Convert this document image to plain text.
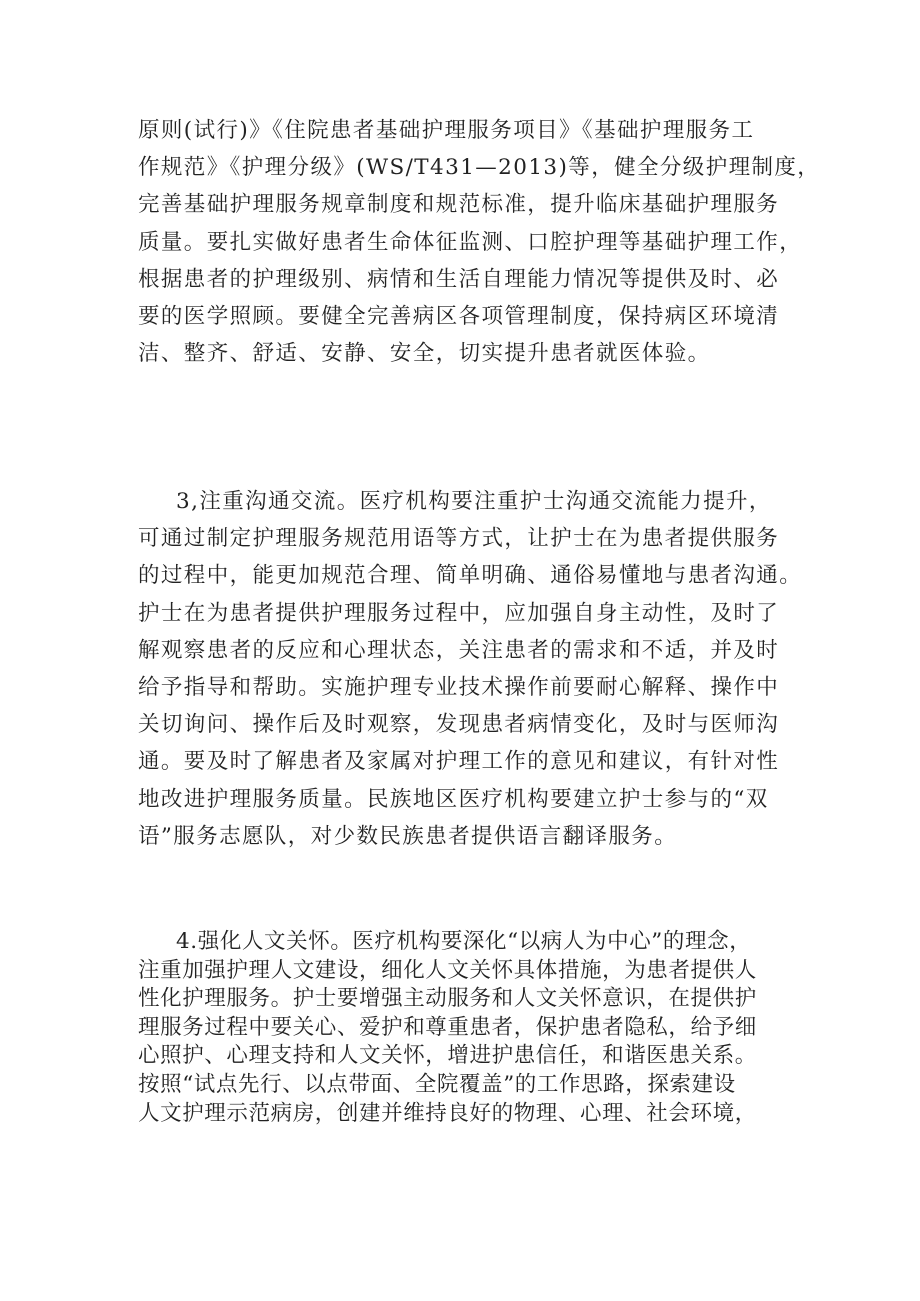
原则(试行)》《住院患者基础护理服务项目》《基础护理服务工
作规范》《护理分级》(WS/T431—2013)等，健全分级护理制度，
完善基础护理服务规章制度和规范标准，提升临床基础护理服务
质量。要扎实做好患者生命体征监测、口腔护理等基础护理工作，
根据患者的护理级别、病情和生活自理能力情况等提供及时、必
要的医学照顾。要健全完善病区各项管理制度，保持病区环境清
洁、整齐、舒适、安静、安全，切实提升患者就医体验。
3,注重沟通交流。医疗机构要注重护士沟通交流能力提升，
可通过制定护理服务规范用语等方式，让护士在为患者提供服务
的过程中，能更加规范合理、简单明确、通俗易懂地与患者沟通。
护士在为患者提供护理服务过程中，应加强自身主动性，及时了
解观察患者的反应和心理状态，关注患者的需求和不适，并及时
给予指导和帮助。实施护理专业技术操作前要耐心解释、操作中
关切询问、操作后及时观察，发现患者病情变化，及时与医师沟
通。要及时了解患者及家属对护理工作的意见和建议，有针对性
地改进护理服务质量。民族地区医疗机构要建立护士参与的“双
语”服务志愿队，对少数民族患者提供语言翻译服务。
4.强化人文关怀。医疗机构要深化“以病人为中心”的理念，
注重加强护理人文建设，细化人文关怀具体措施，为患者提供人
性化护理服务。护士要增强主动服务和人文关怀意识，在提供护
理服务过程中要关心、爱护和尊重患者，保护患者隐私，给予细
心照护、心理支持和人文关怀，增进护患信任，和谐医患关系。
按照“试点先行、以点带面、全院覆盖”的工作思路，探索建设
人文护理示范病房，创建并维持良好的物理、心理、社会环境，
